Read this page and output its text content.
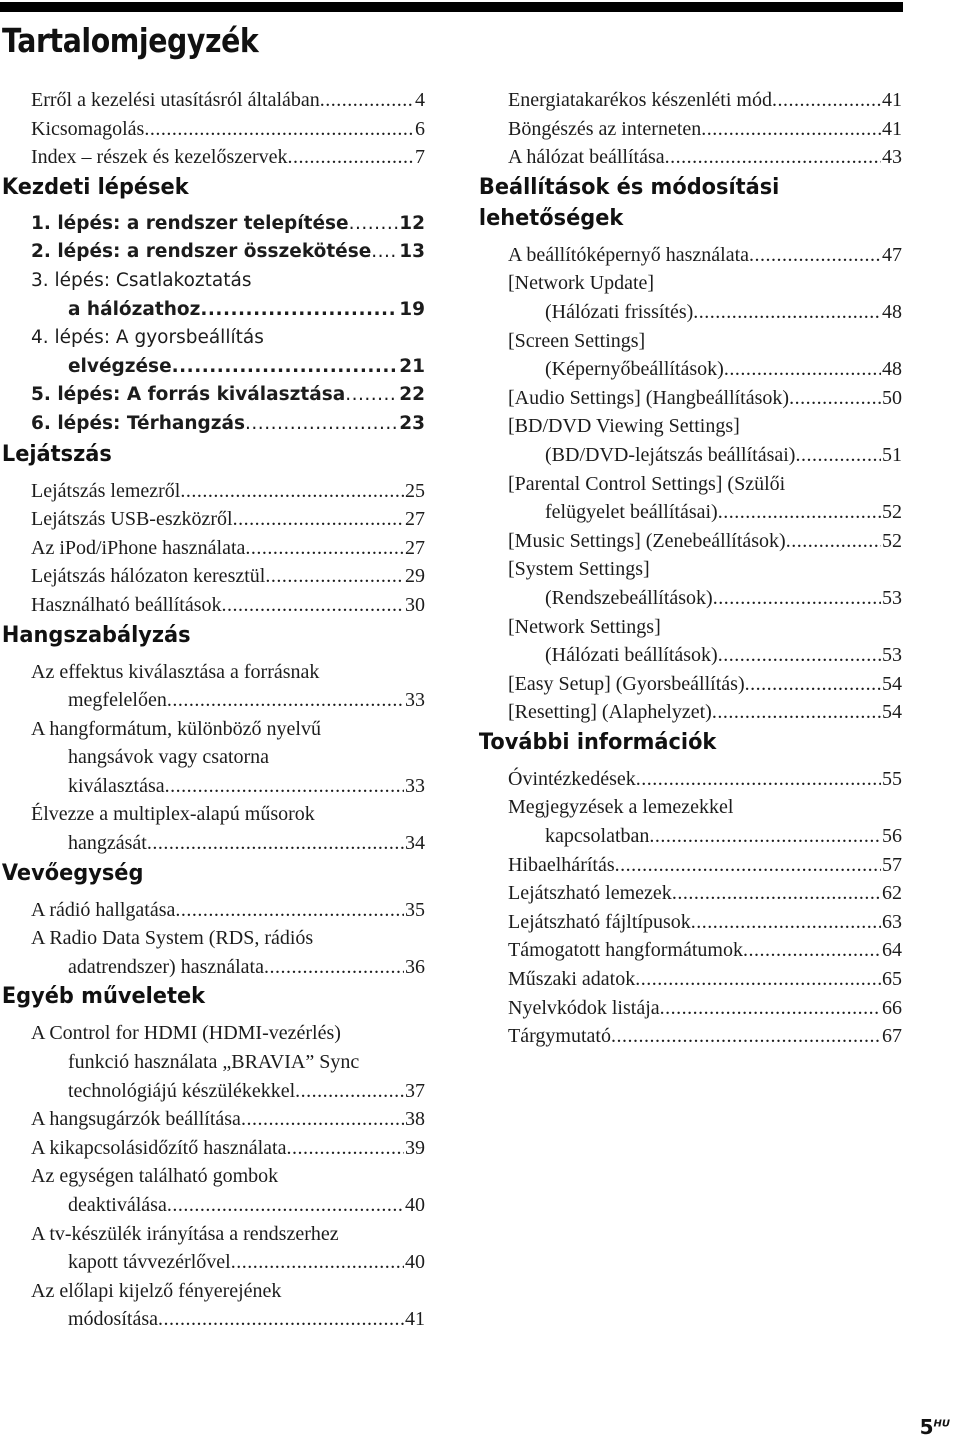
Tartalomjegyzék
Erről a kezelési utasításról általában .....	4
Kicsomagolás .....	6
Index – részek és kezelőszervek .....	7
Kezdeti lépések
1. lépés: a rendszer telepítése .....	12
2. lépés: a rendszer összekötése ..... 13
3. lépés: Csatlakoztatás
a hálózathoz .....	19
4. lépés: A gyorsbeállítás
elvégzése .....	21
5. lépés: A forrás kiválasztása .....	22
6. lépés: Térhangzás .....	23
Lejátszás
Lejátszás lemezről .....	25
Lejátszás USB-eszközről .....	27
Az iPod/iPhone használata .....	27
Lejátszás hálózaton keresztül .....	29
Használható beállítások .....	30
Hangszabályzás
Az effektus kiválasztása a forrásnak
megfelelően .....	33
A hangformátum, különböző nyelvű
hangsávok vagy csatorna
kiválasztása .....	33
Élvezze a multiplex-alapú műsorok
hangzását .....	34
Vevőegység
A rádió hallgatása .....	35
A Radio Data System (RDS, rádiós
adatrendszer) használata .....	36
Egyéb műveletek
A Control for HDMI (HDMI-vezérlés)
funkció használata „BRAVIA” Sync
technológiájú készülékekkel .....	37
A hangsugárzók beállítása .....	38
A kikapcsolásidőzítő használata .....	39
Az egységen található gombok
deaktiválása .....	40
A tv-készülék irányítása a rendszerhez
kapott távvezérlővel .....	40
Az előlapi kijelző fényerejének
módosítása .....	41
Energiatakarékos készenléti mód .....	41
Böngészés az interneten .....	41
A hálózat beállítása .....	43
Beállítások és módosítási
lehetőségek
A beállítóképernyő használata .....	47
[Network Update]
(Hálózati frissítés) .....	48
[Screen Settings]
(Képernyőbeállítások) .....	48
[Audio Settings] (Hangbeállítások) .....	50
[BD/DVD Viewing Settings]
(BD/DVD-lejátszás beállításai) .....	51
[Parental Control Settings] (Szülői
felügyelet beállításai) .....	52
[Music Settings] (Zenebeállítások) .....	52
[System Settings]
(Rendszebeállítások) .....	53
[Network Settings]
(Hálózati beállítások) .....	53
[Easy Setup] (Gyorsbeállítás) .....	54
[Resetting] (Alaphelyzet) .....	54
További információk
Óvintézkedések .....	55
Megjegyzések a lemezekkel
kapcsolatban .....	56
Hibaelhárítás .....	57
Lejátszható lemezek .....	62
Lejátszható fájltípusok .....	63
Támogatott hangformátumok .....	64
Műszaki adatok .....	65
Nyelvkódok listája .....	66
Tárgymutató .....	67
$5^{HU}$
